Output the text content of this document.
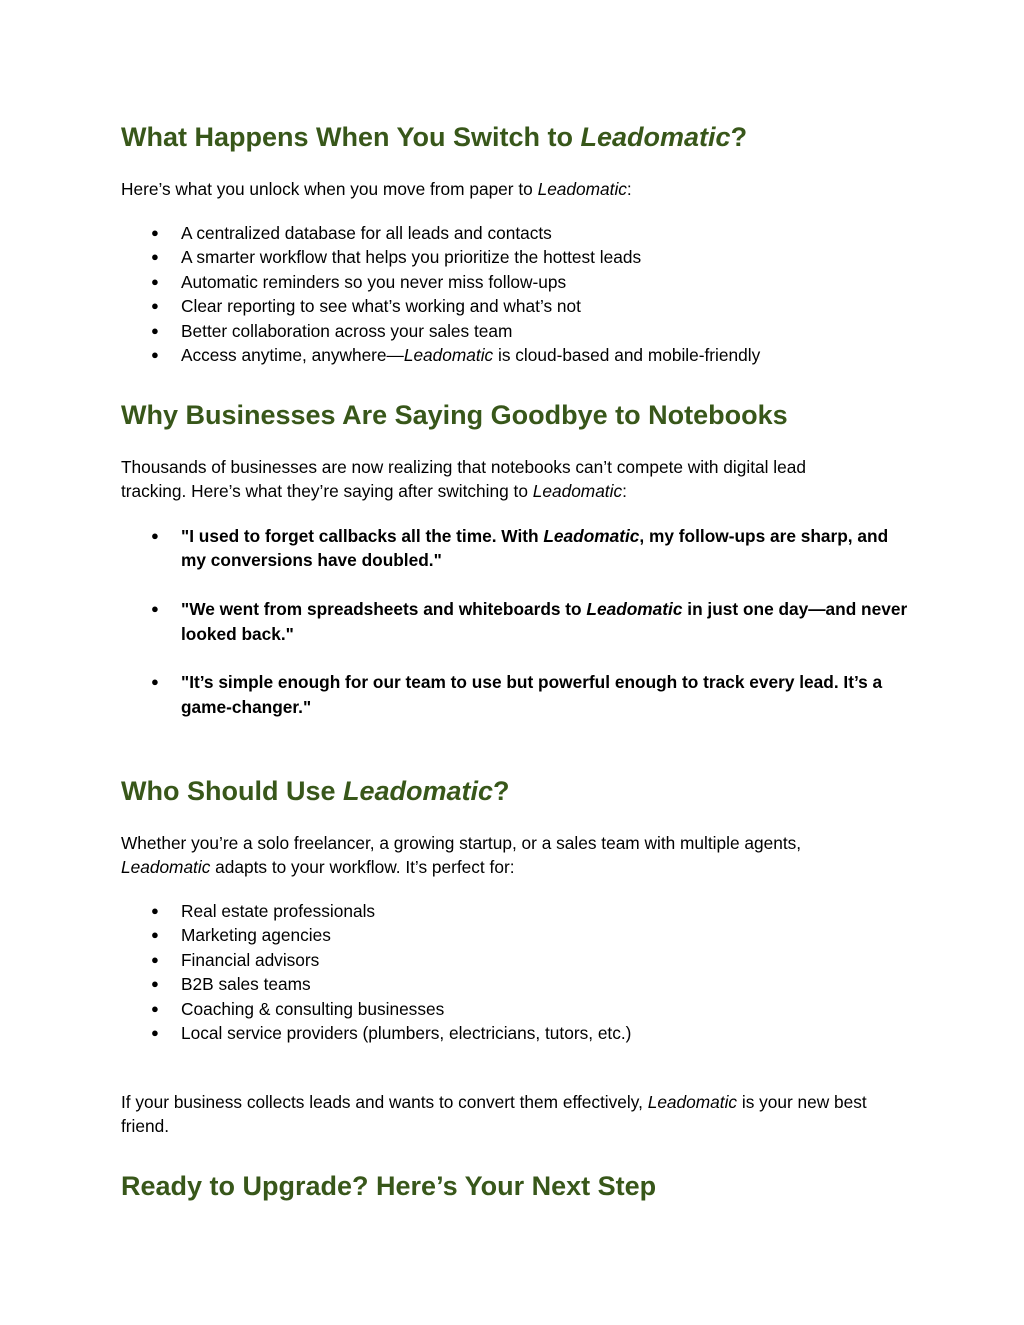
What Happens When You Switch to Leadomatic?

Here’s what you unlock when you move from paper to Leadomatic:

● A centralized database for all leads and contacts
● A smarter workflow that helps you prioritize the hottest leads
● Automatic reminders so you never miss follow-ups
● Clear reporting to see what’s working and what’s not
● Better collaboration across your sales team
● Access anytime, anywhere—Leadomatic is cloud-based and mobile-friendly
Why Businesses Are Saying Goodbye to Notebooks

Thousands of businesses are now realizing that notebooks can’t compete with digital lead tracking. Here’s what they’re saying after switching to Leadomatic:

● "I used to forget callbacks all the time. With Leadomatic, my follow-ups are sharp, and my conversions have doubled."
● "We went from spreadsheets and whiteboards to Leadomatic in just one day—and never looked back."
● "It’s simple enough for our team to use but powerful enough to track every lead. It’s a game-changer."
Who Should Use Leadomatic?

Whether you’re a solo freelancer, a growing startup, or a sales team with multiple agents, Leadomatic adapts to your workflow. It’s perfect for:

● Real estate professionals
● Marketing agencies
● Financial advisors
● B2B sales teams
● Coaching & consulting businesses
● Local service providers (plumbers, electricians, tutors, etc.)

If your business collects leads and wants to convert them effectively, Leadomatic is your new best friend.

Ready to Upgrade? Here’s Your Next Step
